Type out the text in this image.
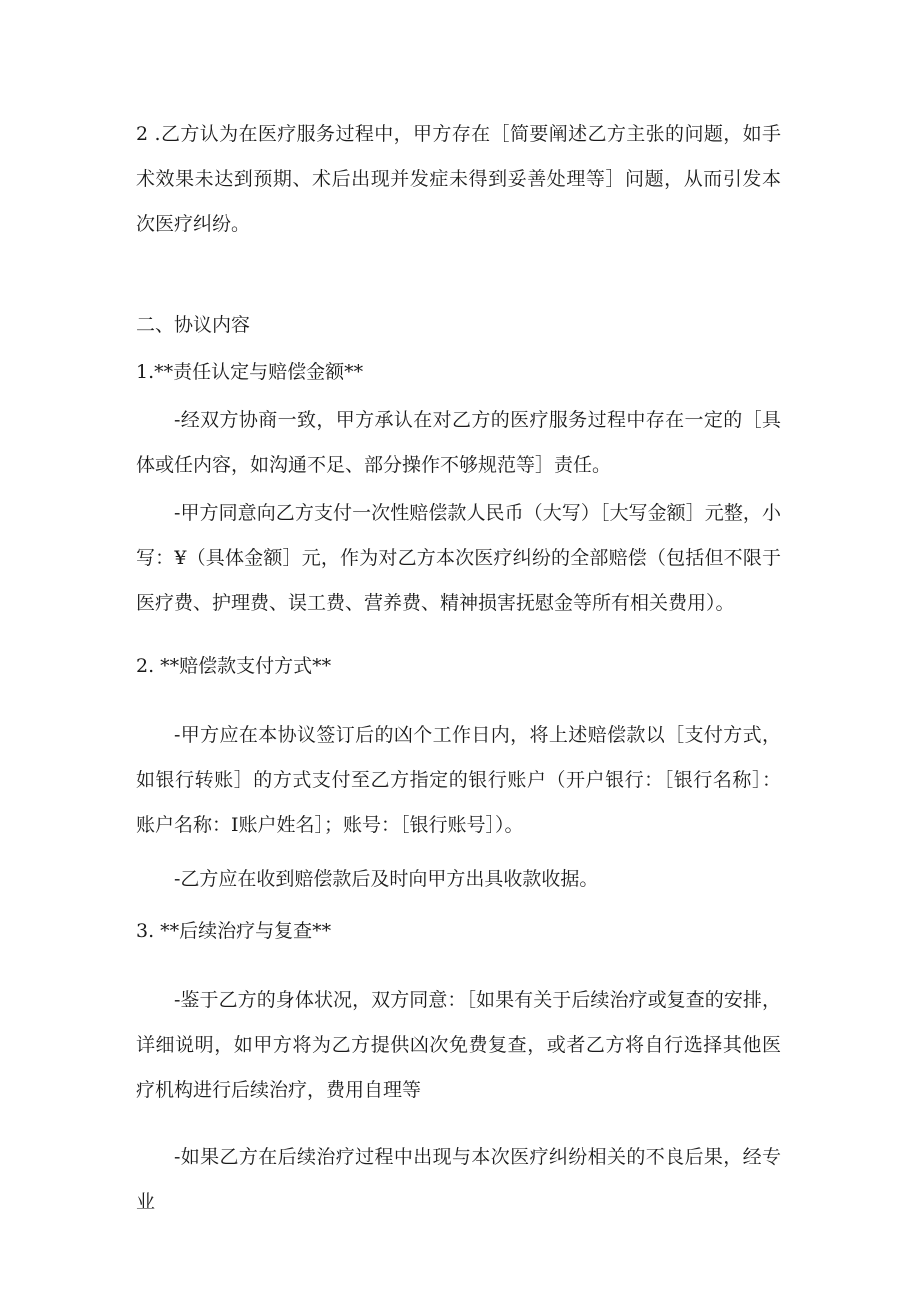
2 .乙方认为在医疗服务过程中，甲方存在［简要阐述乙方主张的问题，如手术效果未达到预期、术后出现并发症未得到妥善处理等］问题，从而引发本次医疗纠纷。

二、协议内容

1.**责任认定与赔偿金额**

-经双方协商一致，甲方承认在对乙方的医疗服务过程中存在一定的［具体或任内容，如沟通不足、部分操作不够规范等］责任。

-甲方同意向乙方支付一次性赔偿款人民币（大写）［大写金额］元整，小写：¥（具体金额］元，作为对乙方本次医疗纠纷的全部赔偿（包括但不限于医疗费、护理费、误工费、营养费、精神损害抚慰金等所有相关费用）。

2. **赔偿款支付方式**

-甲方应在本协议签订后的凶个工作日内，将上述赔偿款以［支付方式，如银行转账］的方式支付至乙方指定的银行账户（开户银行：［银行名称］：账户名称：I账户姓名］；账号：［银行账号］）。

-乙方应在收到赔偿款后及时向甲方出具收款收据。

3. **后续治疗与复查**

-鉴于乙方的身体状况，双方同意：［如果有关于后续治疗或复查的安排，详细说明，如甲方将为乙方提供凶次免费复查，或者乙方将自行选择其他医疗机构进行后续治疗，费用自理等

-如果乙方在后续治疗过程中出现与本次医疗纠纷相关的不良后果，经专业
